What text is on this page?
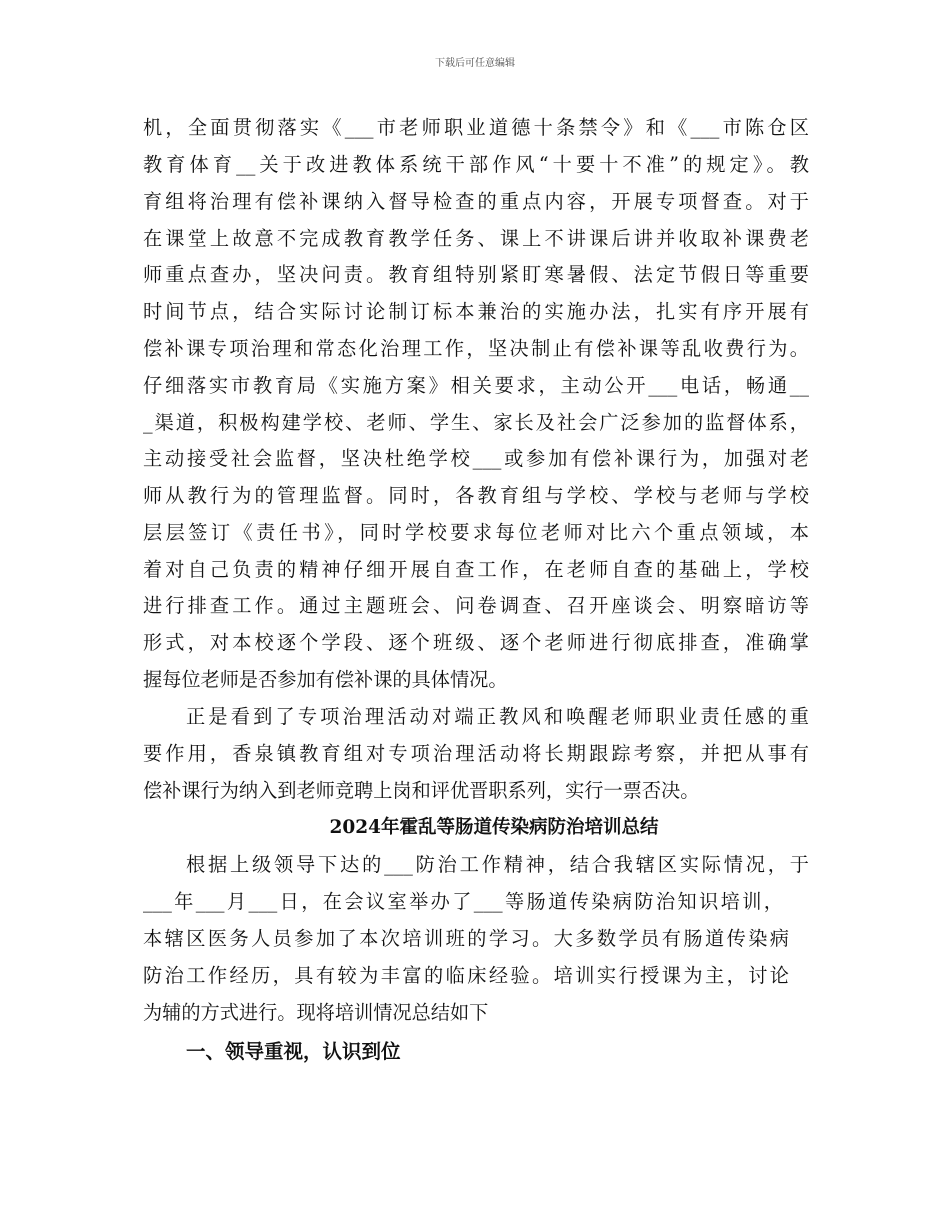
下载后可任意编辑
机，全面贯彻落实《___市老师职业道德十条禁令》和《___市陈仓区
教育体育__关于改进教体系统干部作风“十要十不准”的规定》。教
育组将治理有偿补课纳入督导检查的重点内容，开展专项督查。对于
在课堂上故意不完成教育教学任务、课上不讲课后讲并收取补课费老
师重点查办，坚决问责。教育组特别紧盯寒暑假、法定节假日等重要
时间节点，结合实际讨论制订标本兼治的实施办法，扎实有序开展有
偿补课专项治理和常态化治理工作，坚决制止有偿补课等乱收费行为。
仔细落实市教育局《实施方案》相关要求，主动公开___电话，畅通__
_渠道，积极构建学校、老师、学生、家长及社会广泛参加的监督体系，
主动接受社会监督，坚决杜绝学校___或参加有偿补课行为，加强对老
师从教行为的管理监督。同时，各教育组与学校、学校与老师与学校
层层签订《责任书》，同时学校要求每位老师对比六个重点领域，本
着对自己负责的精神仔细开展自查工作，在老师自查的基础上，学校
进行排查工作。通过主题班会、问卷调查、召开座谈会、明察暗访等
形式，对本校逐个学段、逐个班级、逐个老师进行彻底排查，准确掌
握每位老师是否参加有偿补课的具体情况。
正是看到了专项治理活动对端正教风和唤醒老师职业责任感的重
要作用，香泉镇教育组对专项治理活动将长期跟踪考察，并把从事有
偿补课行为纳入到老师竞聘上岗和评优晋职系列，实行一票否决。
2024年霍乱等肠道传染病防治培训总结
根据上级领导下达的___防治工作精神，结合我辖区实际情况，于
___年___月___日，在会议室举办了___等肠道传染病防治知识培训，
本辖区医务人员参加了本次培训班的学习。大多数学员有肠道传染病
防治工作经历，具有较为丰富的临床经验。培训实行授课为主，讨论
为辅的方式进行。现将培训情况总结如下
一、领导重视，认识到位
